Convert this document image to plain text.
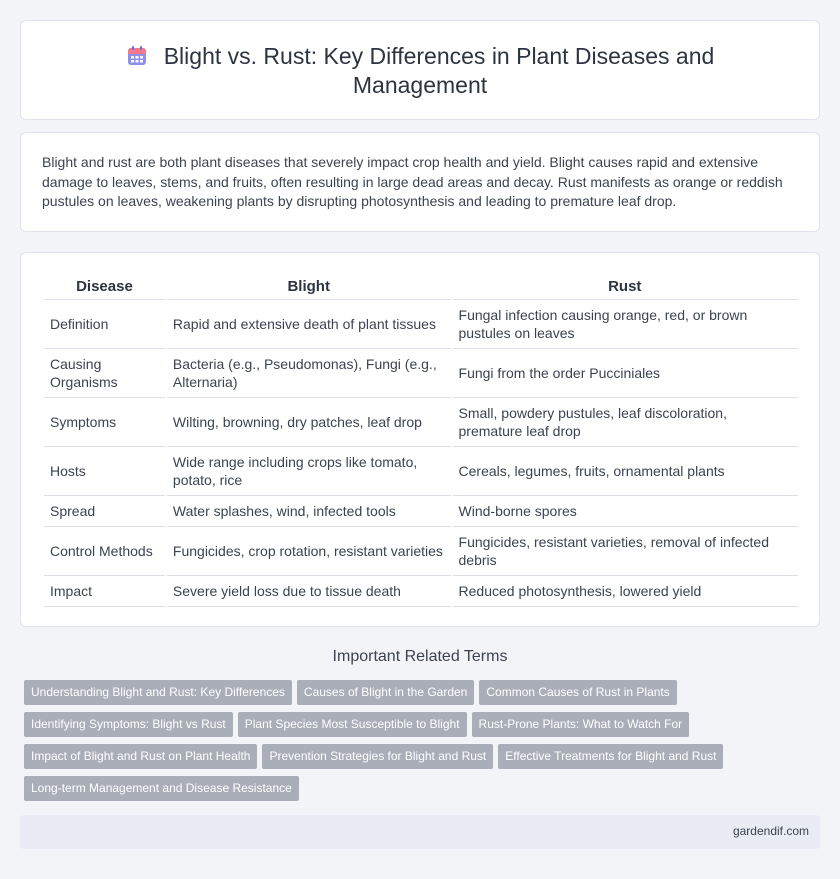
Blight vs. Rust: Key Differences in Plant Diseases and Management

Blight and rust are both plant diseases that severely impact crop health and yield. Blight causes rapid and extensive damage to leaves, stems, and fruits, often resulting in large dead areas and decay. Rust manifests as orange or reddish pustules on leaves, weakening plants by disrupting photosynthesis and leading to premature leaf drop.

Disease	Blight	Rust
Definition	Rapid and extensive death of plant tissues	Fungal infection causing orange, red, or brown pustules on leaves
Causing Organisms	Bacteria (e.g., Pseudomonas), Fungi (e.g., Alternaria)	Fungi from the order Pucciniales
Symptoms	Wilting, browning, dry patches, leaf drop	Small, powdery pustules, leaf discoloration, premature leaf drop
Hosts	Wide range including crops like tomato, potato, rice	Cereals, legumes, fruits, ornamental plants
Spread	Water splashes, wind, infected tools	Wind-borne spores
Control Methods	Fungicides, crop rotation, resistant varieties	Fungicides, resistant varieties, removal of infected debris
Impact	Severe yield loss due to tissue death	Reduced photosynthesis, lowered yield
Important Related Terms
Understanding Blight and Rust: Key Differences Causes of Blight in the Garden Common Causes of Rust in Plants
Identifying Symptoms: Blight vs Rust Plant Species Most Susceptible to Blight Rust-Prone Plants: What to Watch For
Impact of Blight and Rust on Plant Health Prevention Strategies for Blight and Rust Effective Treatments for Blight and Rust
Long-term Management and Disease Resistance
gardendif.com
